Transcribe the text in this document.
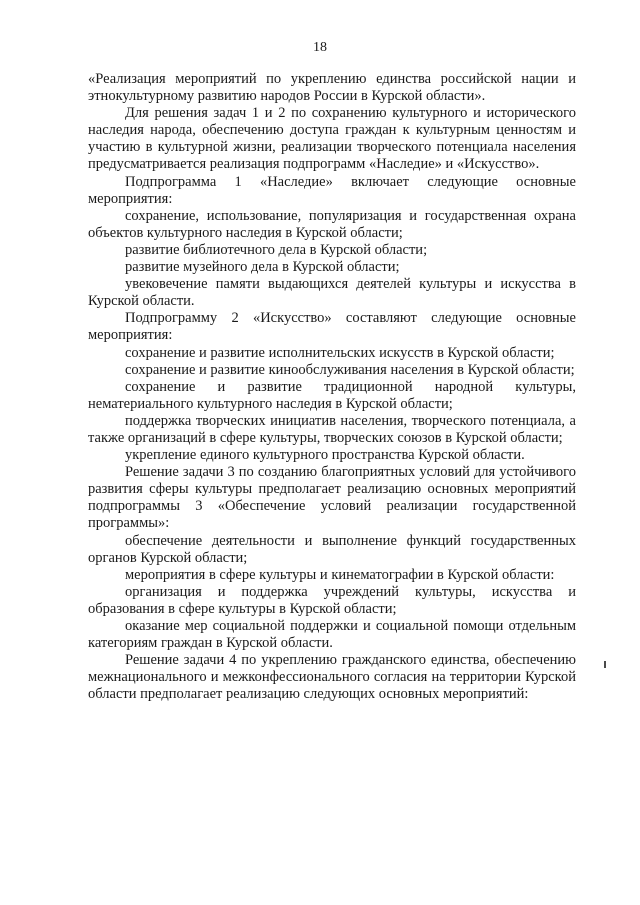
18

«Реализация мероприятий по укреплению единства российской нации и этнокультурному развитию народов России в Курской области».

Для решения задач 1 и 2 по сохранению культурного и исторического наследия народа, обеспечению доступа граждан к культурным ценностям и участию в культурной жизни, реализации творческого потенциала населения предусматривается реализация подпрограмм «Наследие» и «Искусство».

Подпрограмма 1 «Наследие» включает следующие основные мероприятия:

сохранение, использование, популяризация и государственная охрана объектов культурного наследия в Курской области;

развитие библиотечного дела в Курской области;

развитие музейного дела в Курской области;

увековечение памяти выдающихся деятелей культуры и искусства в Курской области.

Подпрограмму 2 «Искусство» составляют следующие основные мероприятия:

сохранение и развитие исполнительских искусств в Курской области;

сохранение и развитие кинообслуживания населения в Курской области;

сохранение и развитие традиционной народной культуры, нематериального культурного наследия в Курской области;

поддержка творческих инициатив населения, творческого потенциала, а также организаций в сфере культуры, творческих союзов в Курской области;

укрепление единого культурного пространства Курской области.

Решение задачи 3 по созданию благоприятных условий для устойчивого развития сферы культуры предполагает реализацию основных мероприятий подпрограммы 3 «Обеспечение условий реализации государственной программы»:

обеспечение деятельности и выполнение функций государственных органов Курской области;

мероприятия в сфере культуры и кинематографии в Курской области:

организация и поддержка учреждений культуры, искусства и образования в сфере культуры в Курской области;

оказание мер социальной поддержки и социальной помощи отдельным категориям граждан в Курской области.

Решение задачи 4 по укреплению гражданского единства, обеспечению межнационального и межконфессионального согласия на территории Курской области предполагает реализацию следующих основных мероприятий:
